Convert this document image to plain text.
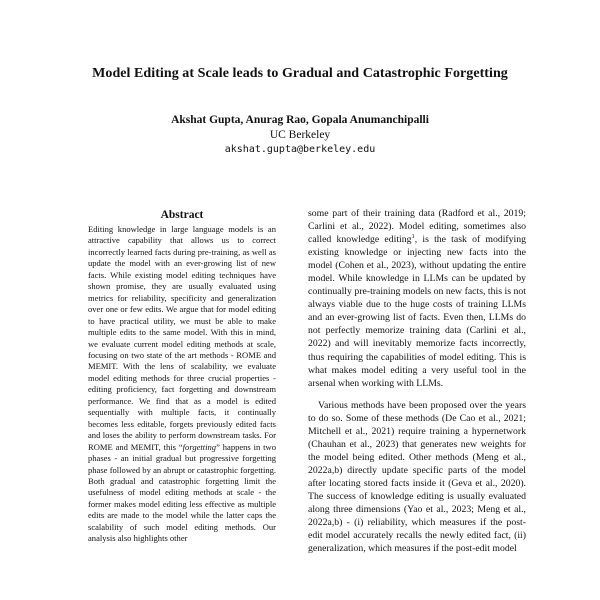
Model Editing at Scale leads to Gradual and Catastrophic Forgetting
Akshat Gupta, Anurag Rao, Gopala Anumanchipalli
UC Berkeley
akshat.gupta@berkeley.edu
Abstract
Editing knowledge in large language models is an attractive capability that allows us to correct incorrectly learned facts during pre-training, as well as update the model with an ever-growing list of new facts. While existing model editing techniques have shown promise, they are usually evaluated using metrics for reliability, specificity and generalization over one or few edits. We argue that for model editing to have practical utility, we must be able to make multiple edits to the same model. With this in mind, we evaluate current model editing methods at scale, focusing on two state of the art methods - ROME and MEMIT. With the lens of scalability, we evaluate model editing methods for three crucial properties - editing proficiency, fact forgetting and downstream performance. We find that as a model is edited sequentially with multiple facts, it continually becomes less editable, forgets previously edited facts and loses the ability to perform downstream tasks. For ROME and MEMIT, this “forgetting” happens in two phases - an initial gradual but progressive forgetting phase followed by an abrupt or catastrophic forgetting. Both gradual and catastrophic forgetting limit the usefulness of model editing methods at scale - the former makes model editing less effective as multiple edits are made to the model while the latter caps the scalability of such model editing methods. Our analysis also highlights other

some part of their training data (Radford et al., 2019; Carlini et al., 2022). Model editing, sometimes also called knowledge editing$^1$, is the task of modifying existing knowledge or injecting new facts into the model (Cohen et al., 2023), without updating the entire model. While knowledge in LLMs can be updated by continually pre-training models on new facts, this is not always viable due to the huge costs of training LLMs and an ever-growing list of facts. Even then, LLMs do not perfectly memorize training data (Carlini et al., 2022) and will inevitably memorize facts incorrectly, thus requiring the capabilities of model editing. This is what makes model editing a very useful tool in the arsenal when working with LLMs.

Various methods have been proposed over the years to do so. Some of these methods (De Cao et al., 2021; Mitchell et al., 2021) require training a hypernetwork (Chauhan et al., 2023) that generates new weights for the model being edited. Other methods (Meng et al., 2022a,b) directly update specific parts of the model after locating stored facts inside it (Geva et al., 2020). The success of knowledge editing is usually evaluated along three dimensions (Yao et al., 2023; Meng et al., 2022a,b) - (i) reliability, which measures if the post-edit model accurately recalls the newly edited fact, (ii) generalization, which measures if the post-edit model
